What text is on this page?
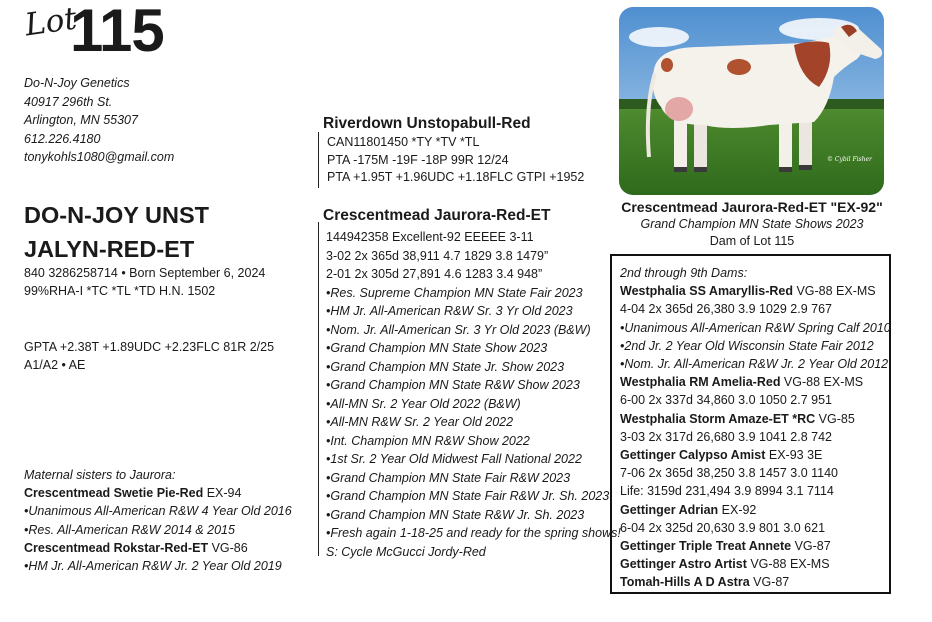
Lot
115
Do-N-Joy Genetics
40917 296th St.
Arlington, MN 55307
612.226.4180
tonykohls1080@gmail.com
DO-N-JOY UNST
JALYN-RED-ET
840 3286258714 • Born September 6, 2024
99%RHA-I *TC *TL *TD H.N. 1502
GPTA +2.38T +1.89UDC +2.23FLC 81R 2/25
A1/A2 • AE
Maternal sisters to Jaurora:
Crescentmead Swetie Pie-Red EX-94
•Unanimous All-American R&W 4 Year Old 2016
•Res. All-American R&W 2014 & 2015
Crescentmead Rokstar-Red-ET VG-86
•HM Jr. All-American R&W Jr. 2 Year Old 2019
Riverdown Unstopabull-Red
CAN11801450 *TY *TV *TL
PTA -175M -19F -18P 99R 12/24
PTA +1.95T +1.96UDC +1.18FLC GTPI +1952
Crescentmead Jaurora-Red-ET
144942358 Excellent-92 EEEEE 3-11
3-02 2x 365d 38,911 4.7 1829 3.8 1479”
2-01 2x 305d 27,891 4.6 1283 3.4 948”
•Res. Supreme Champion MN State Fair 2023
•HM Jr. All-American R&W Sr. 3 Yr Old 2023
•Nom. Jr. All-American Sr. 3 Yr Old 2023 (B&W)
•Grand Champion MN State Show 2023
•Grand Champion MN State Jr. Show 2023
•Grand Champion MN State R&W Show 2023
•All-MN Sr. 2 Year Old 2022 (B&W)
•All-MN R&W Sr. 2 Year Old 2022
•Int. Champion MN R&W Show 2022
•1st Sr. 2 Year Old Midwest Fall National 2022
•Grand Champion MN State Fair R&W 2023
•Grand Champion MN State Fair R&W Jr. Sh. 2023
•Grand Champion MN State R&W Jr. Sh. 2023
•Fresh again 1-18-25 and ready for the spring shows!
S: Cycle McGucci Jordy-Red
© Cybil Fisher
Crescentmead Jaurora-Red-ET "EX-92"
Grand Champion MN State Shows 2023
Dam of Lot 115
2nd through 9th Dams:
Westphalia SS Amaryllis-Red VG-88 EX-MS
4-04 2x 365d 26,380 3.9 1029 2.9 767
•Unanimous All-American R&W Spring Calf 2010
•2nd Jr. 2 Year Old Wisconsin State Fair 2012
•Nom. Jr. All-American R&W Jr. 2 Year Old 2012
Westphalia RM Amelia-Red VG-88 EX-MS
6-00 2x 337d 34,860 3.0 1050 2.7 951
Westphalia Storm Amaze-ET *RC VG-85
3-03 2x 317d 26,680 3.9 1041 2.8 742
Gettinger Calypso Amist EX-93 3E
7-06 2x 365d 38,250 3.8 1457 3.0 1140
Life: 3159d 231,494 3.9 8994 3.1 7114
Gettinger Adrian EX-92
6-04 2x 325d 20,630 3.9 801 3.0 621
Gettinger Triple Treat Annete VG-87
Gettinger Astro Artist VG-88 EX-MS
Tomah-Hills A D Astra VG-87
